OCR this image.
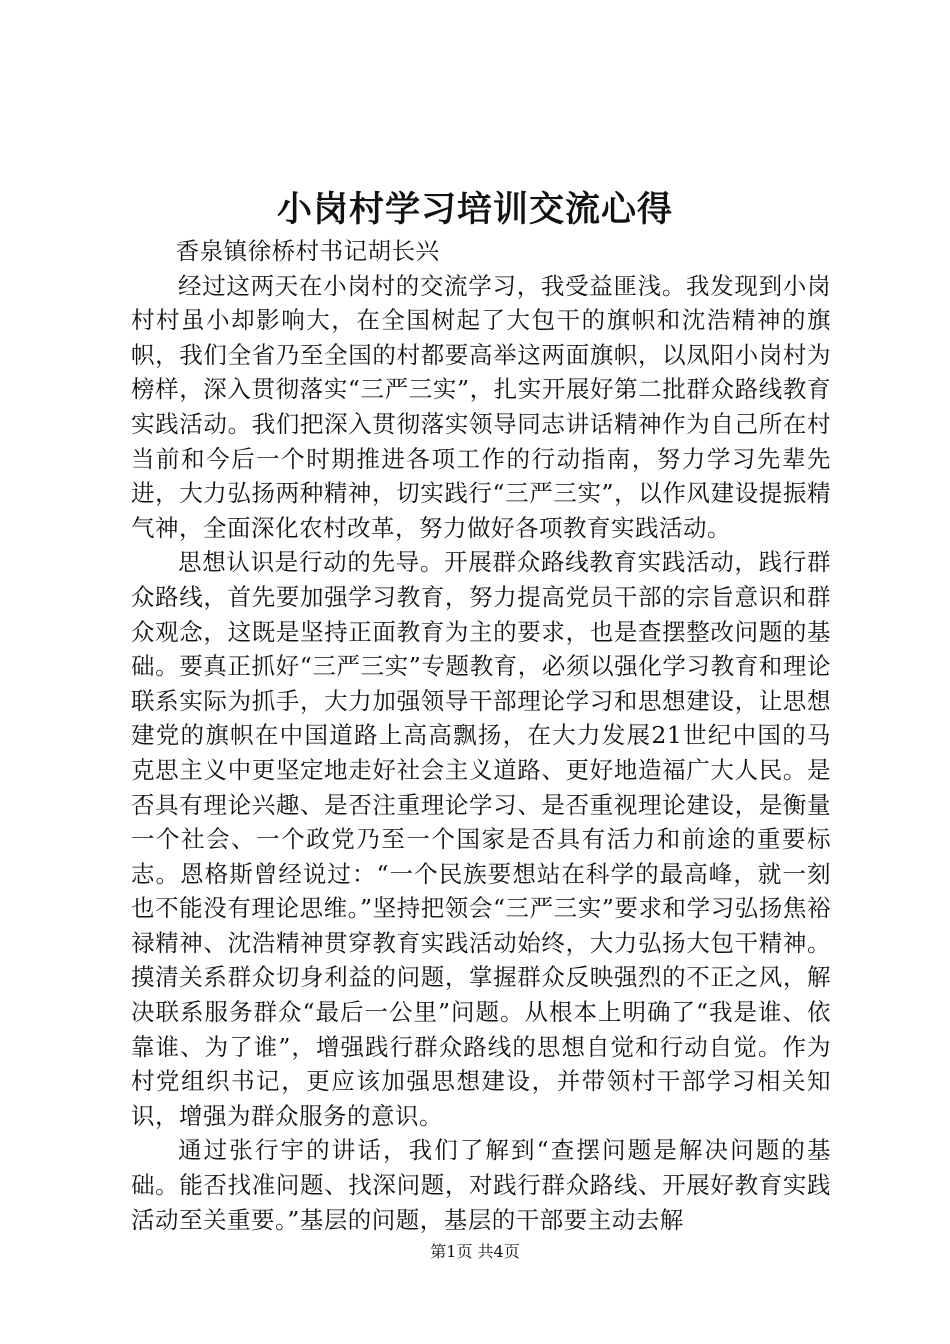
小岗村学习培训交流心得
香泉镇徐桥村书记胡长兴

经过这两天在小岗村的交流学习，我受益匪浅。我发现到小岗村村虽小却影响大，在全国树起了大包干的旗帜和沈浩精神的旗帜，我们全省乃至全国的村都要高举这两面旗帜，以凤阳小岗村为榜样，深入贯彻落实“三严三实”，扎实开展好第二批群众路线教育实践活动。我们把深入贯彻落实领导同志讲话精神作为自己所在村当前和今后一个时期推进各项工作的行动指南，努力学习先辈先进，大力弘扬两种精神，切实践行“三严三实”，以作风建设提振精气神，全面深化农村改革，努力做好各项教育实践活动。

思想认识是行动的先导。开展群众路线教育实践活动，践行群众路线，首先要加强学习教育，努力提高党员干部的宗旨意识和群众观念，这既是坚持正面教育为主的要求，也是查摆整改问题的基础。要真正抓好“三严三实”专题教育，必须以强化学习教育和理论联系实际为抓手，大力加强领导干部理论学习和思想建设，让思想建党的旗帜在中国道路上高高飘扬，在大力发展21世纪中国的马克思主义中更坚定地走好社会主义道路、更好地造福广大人民。是否具有理论兴趣、是否注重理论学习、是否重视理论建设，是衡量一个社会、一个政党乃至一个国家是否具有活力和前途的重要标志。恩格斯曾经说过：“一个民族要想站在科学的最高峰，就一刻也不能没有理论思维。”坚持把领会“三严三实”要求和学习弘扬焦裕禄精神、沈浩精神贯穿教育实践活动始终，大力弘扬大包干精神。摸清关系群众切身利益的问题，掌握群众反映强烈的不正之风，解决联系服务群众“最后一公里”问题。从根本上明确了“我是谁、依靠谁、为了谁”，增强践行群众路线的思想自觉和行动自觉。作为村党组织书记，更应该加强思想建设，并带领村干部学习相关知识，增强为群众服务的意识。

通过张行宇的讲话，我们了解到“查摆问题是解决问题的基础。能否找准问题、找深问题，对践行群众路线、开展好教育实践活动至关重要。”基层的问题，基层的干部要主动去解

第1页 共4页
